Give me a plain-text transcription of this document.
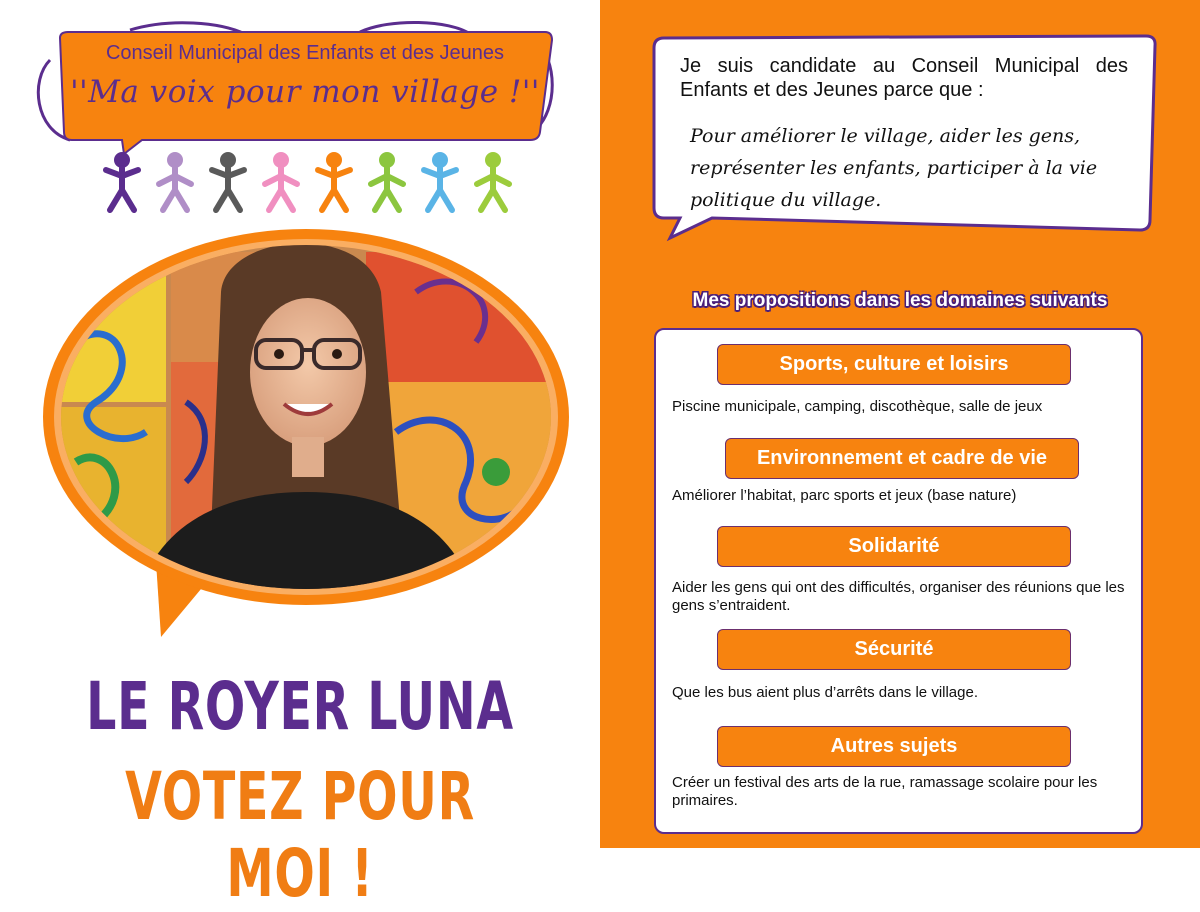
Conseil Municipal des Enfants et des Jeunes
''Ma voix pour mon village !''
LE ROYER LUNA
VOTEZ POUR MOI !
Je suis candidate au Conseil Municipal des Enfants et des Jeunes parce que :
Pour améliorer le village, aider les gens, représenter les enfants, participer à la vie politique du village.
Mes propositions dans les domaines suivants
Sports, culture et loisirs
Piscine municipale, camping, discothèque, salle de jeux
Environnement et cadre de vie
Améliorer l’habitat, parc sports et jeux (base nature)
Solidarité
Aider les gens qui ont des difficultés, organiser des réunions que les gens s’entraident.
Sécurité
Que les bus aient plus d’arrêts dans le village.
Autres sujets
Créer un festival des arts de la rue, ramassage scolaire pour les primaires.
